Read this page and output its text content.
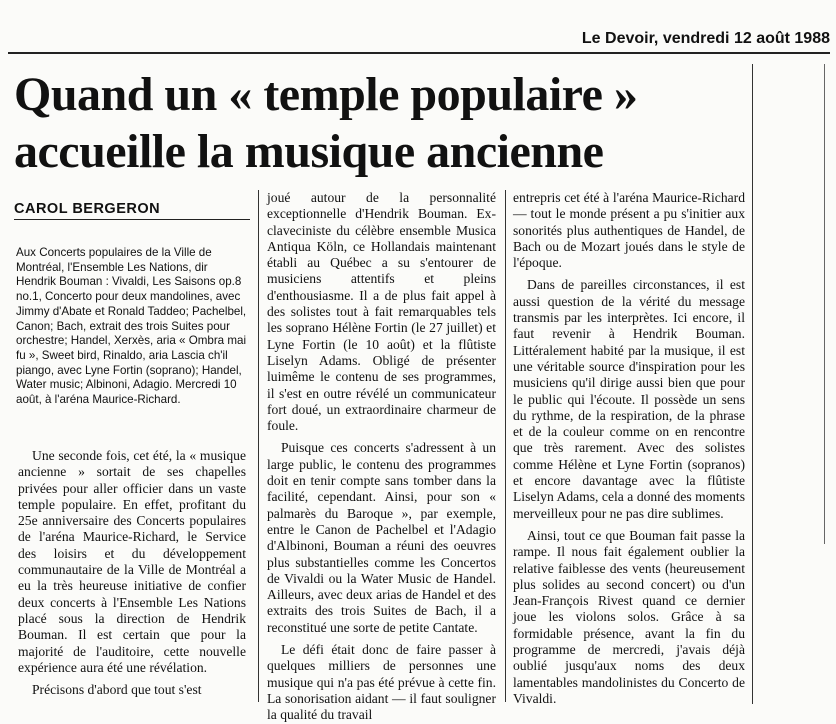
Le Devoir, vendredi 12 août 1988
Quand un « temple populaire »
accueille la musique ancienne
CAROL BERGERON
Aux Concerts populaires de la Ville de Montréal, l'Ensemble Les Nations, dir Hendrik Bouman : Vivaldi, Les Saisons op.8 no.1, Concerto pour deux mandolines, avec Jimmy d'Abate et Ronald Taddeo; Pachelbel, Canon; Bach, extrait des trois Suites pour orchestre; Handel, Xerxès, aria « Ombra mai fu », Sweet bird, Rinaldo, aria Lascia ch'il piango, avec Lyne Fortin (soprano); Handel, Water music; Albinoni, Adagio. Mercredi 10 août, à l'aréna Maurice-Richard.

Une seconde fois, cet été, la « musique ancienne » sortait de ses chapelles privées pour aller officier dans un vaste temple populaire. En effet, profitant du 25e anniversaire des Concerts populaires de l'aréna Maurice-Richard, le Service des loisirs et du développement communautaire de la Ville de Montréal a eu la très heureuse initiative de confier deux concerts à l'Ensemble Les Nations placé sous la direction de Hendrik Bouman. Il est certain que pour la majorité de l'auditoire, cette nouvelle expérience aura été une révélation.

Précisons d'abord que tout s'est

joué autour de la personnalité exceptionnelle d'Hendrik Bouman. Ex-claveciniste du célèbre ensemble Musica Antiqua Köln, ce Hollandais maintenant établi au Québec a su s'entourer de musiciens attentifs et pleins d'enthousiasme. Il a de plus fait appel à des solistes tout à fait remarquables tels les soprano Hélène Fortin (le 27 juillet) et Lyne Fortin (le 10 août) et la flûtiste Liselyn Adams. Obligé de présenter luimême le contenu de ses programmes, il s'est en outre révélé un communicateur fort doué, un extraordinaire charmeur de foule.

Puisque ces concerts s'adressent à un large public, le contenu des programmes doit en tenir compte sans tomber dans la facilité, cependant. Ainsi, pour son « palmarès du Baroque », par exemple, entre le Canon de Pachelbel et l'Adagio d'Albinoni, Bouman a réuni des oeuvres plus substantielles comme les Concertos de Vivaldi ou la Water Music de Handel. Ailleurs, avec deux arias de Handel et des extraits des trois Suites de Bach, il a reconstitué une sorte de petite Cantate.

Le défi était donc de faire passer à quelques milliers de personnes une musique qui n'a pas été prévue à cette fin. La sonorisation aidant — il faut souligner la qualité du travail

entrepris cet été à l'aréna Maurice-Richard — tout le monde présent a pu s'initier aux sonorités plus authentiques de Handel, de Bach ou de Mozart joués dans le style de l'époque.

Dans de pareilles circonstances, il est aussi question de la vérité du message transmis par les interprètes. Ici encore, il faut revenir à Hendrik Bouman. Littéralement habité par la musique, il est une véritable source d'inspiration pour les musiciens qu'il dirige aussi bien que pour le public qui l'écoute. Il possède un sens du rythme, de la respiration, de la phrase et de la couleur comme on en rencontre que très rarement. Avec des solistes comme Hélène et Lyne Fortin (sopranos) et encore davantage avec la flûtiste Liselyn Adams, cela a donné des moments merveilleux pour ne pas dire sublimes.

Ainsi, tout ce que Bouman fait passe la rampe. Il nous fait également oublier la relative faiblesse des vents (heureusement plus solides au second concert) ou d'un Jean-François Rivest quand ce dernier joue les violons solos. Grâce à sa formidable présence, avant la fin du programme de mercredi, j'avais déjà oublié jusqu'aux noms des deux lamentables mandolinistes du Concerto de Vivaldi.
